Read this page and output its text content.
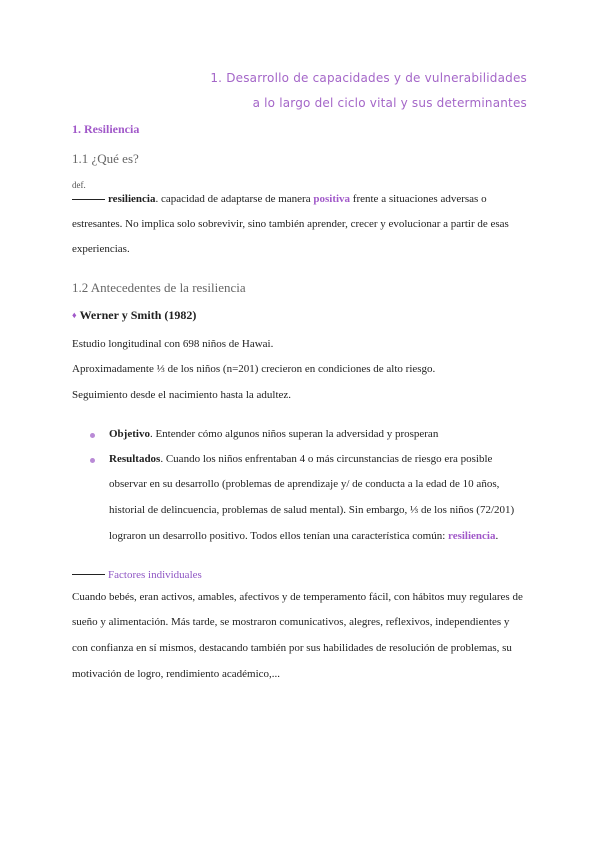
1. Desarrollo de capacidades y de vulnerabilidades
a lo largo del ciclo vital y sus determinantes
1. Resiliencia
1.1 ¿Qué es?
def.
resiliencia. capacidad de adaptarse de manera positiva frente a situaciones adversas o
estresantes. No implica solo sobrevivir, sino también aprender, crecer y evolucionar a partir de esas
experiencias.
1.2 Antecedentes de la resiliencia
♦ Werner y Smith (1982)
Estudio longitudinal con 698 niños de Hawai.
Aproximadamente ⅓ de los niños (n=201) crecieron en condiciones de alto riesgo.
Seguimiento desde el nacimiento hasta la adultez.
Objetivo. Entender cómo algunos niños superan la adversidad y prosperan
Resultados. Cuando los niños enfrentaban 4 o más circunstancias de riesgo era posible
observar en su desarrollo (problemas de aprendizaje y/ de conducta a la edad de 10 años,
historial de delincuencia, problemas de salud mental). Sin embargo, ⅓ de los niños (72/201)
lograron un desarrollo positivo. Todos ellos tenían una característica común: resiliencia.
Factores individuales
Cuando bebés, eran activos, amables, afectivos y de temperamento fácil, con hábitos muy regulares de
sueño y alimentación. Más tarde, se mostraron comunicativos, alegres, reflexivos, independientes y
con confianza en sí mismos, destacando también por sus habilidades de resolución de problemas, su
motivación de logro, rendimiento académico,...
